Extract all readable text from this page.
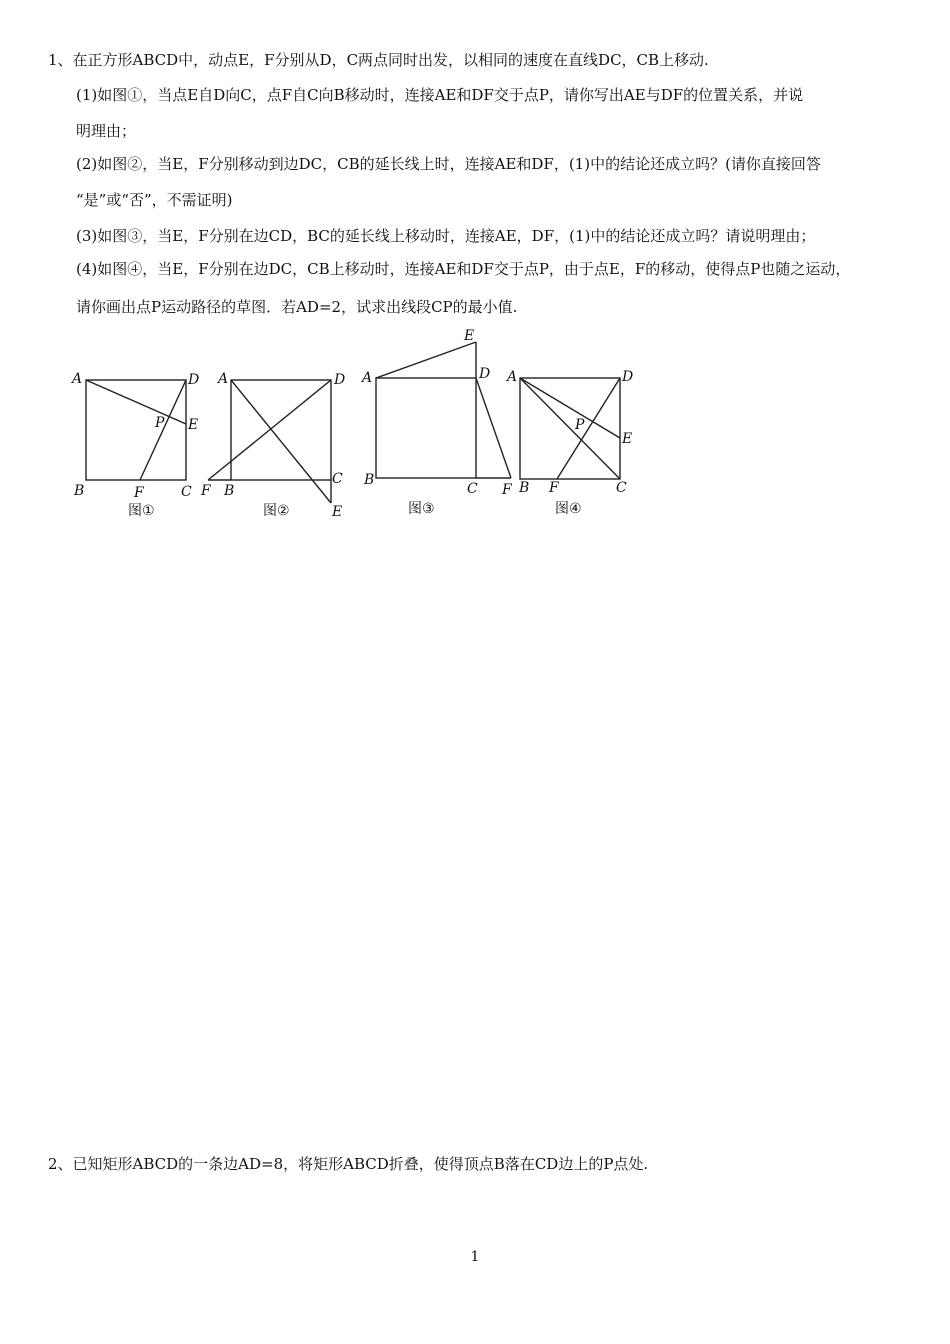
1、在正方形ABCD中，动点E，F分别从D，C两点同时出发，以相同的速度在直线DC，CB上移动.
(1)如图①，当点E自D向C，点F自C向B移动时，连接AE和DF交于点P，请你写出AE与DF的位置关系，并说
明理由；
(2)如图②，当E，F分别移动到边DC，CB的延长线上时，连接AE和DF，(1)中的结论还成立吗？(请你直接回答
“是”或“否”，不需证明)
(3)如图③，当E，F分别在边CD，BC的延长线上移动时，连接AE，DF，(1)中的结论还成立吗？请说明理由；
(4)如图④，当E，F分别在边DC，CB上移动时，连接AE和DF交于点P，由于点E，F的移动，使得点P也随之运动，
请你画出点P运动路径的草图．若AD=2，试求出线段CP的最小值.
A	D
B	C
E
F
P
图①
A	D
B
C
E
F
图②
A	D
B
C
E
F
图③
A	D
B	C
E
F
P
图④
2、已知矩形ABCD的一条边AD=8，将矩形ABCD折叠，使得顶点B落在CD边上的P点处.
1
